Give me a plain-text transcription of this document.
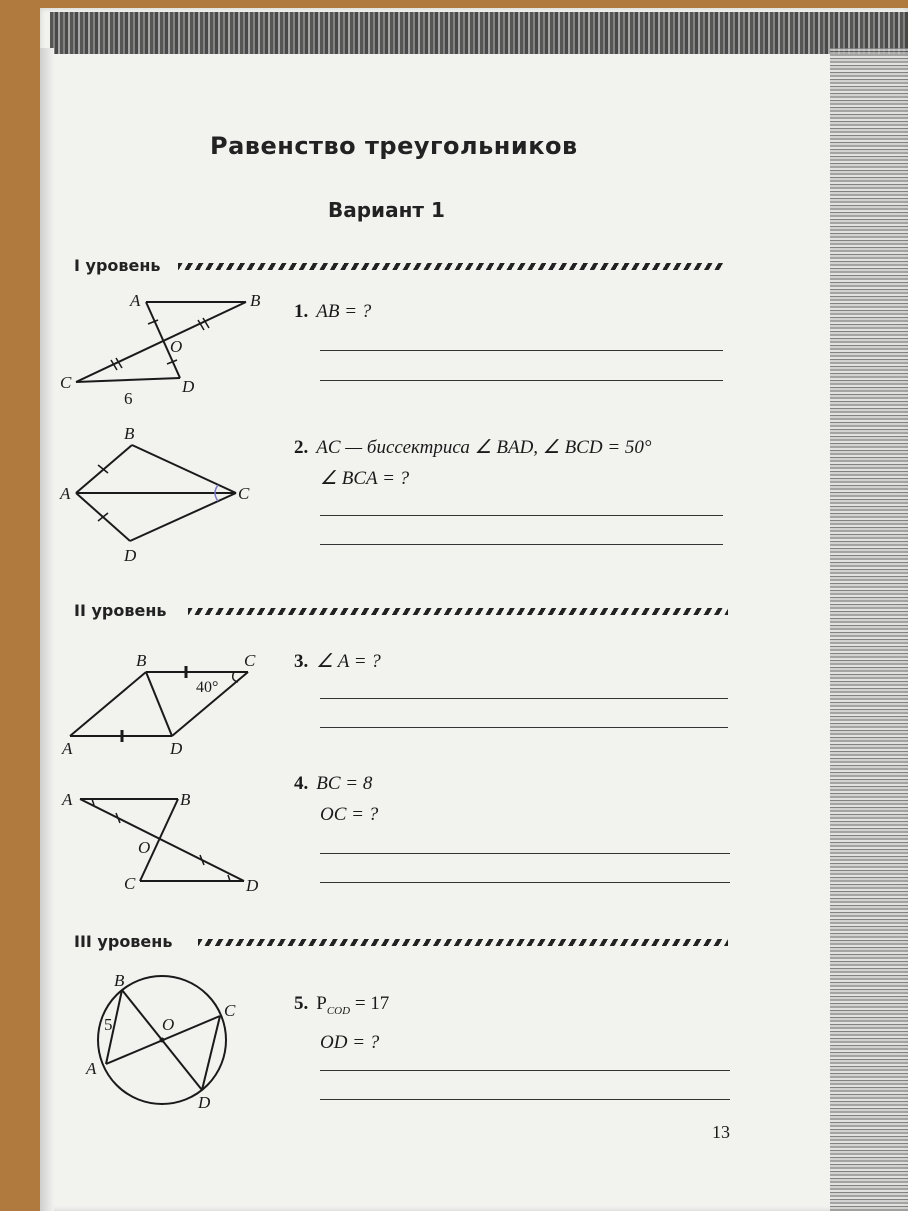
Равенство треугольников
Вариант 1
I уровень
A	B
C	D
O
6
1. AB = ?
B
A	C
D
2. AC — биссектриса ∠ BAD, ∠ BCD = 50°
∠ BCA = ?
II уровень
40°
B	C
A	D
3. ∠ A = ?
A	B
O
C	D
4. BC = 8
OC = ?
III уровень
B
5	O
C
A
D
5. $P_{COD} = 17$
OD = ?
13
